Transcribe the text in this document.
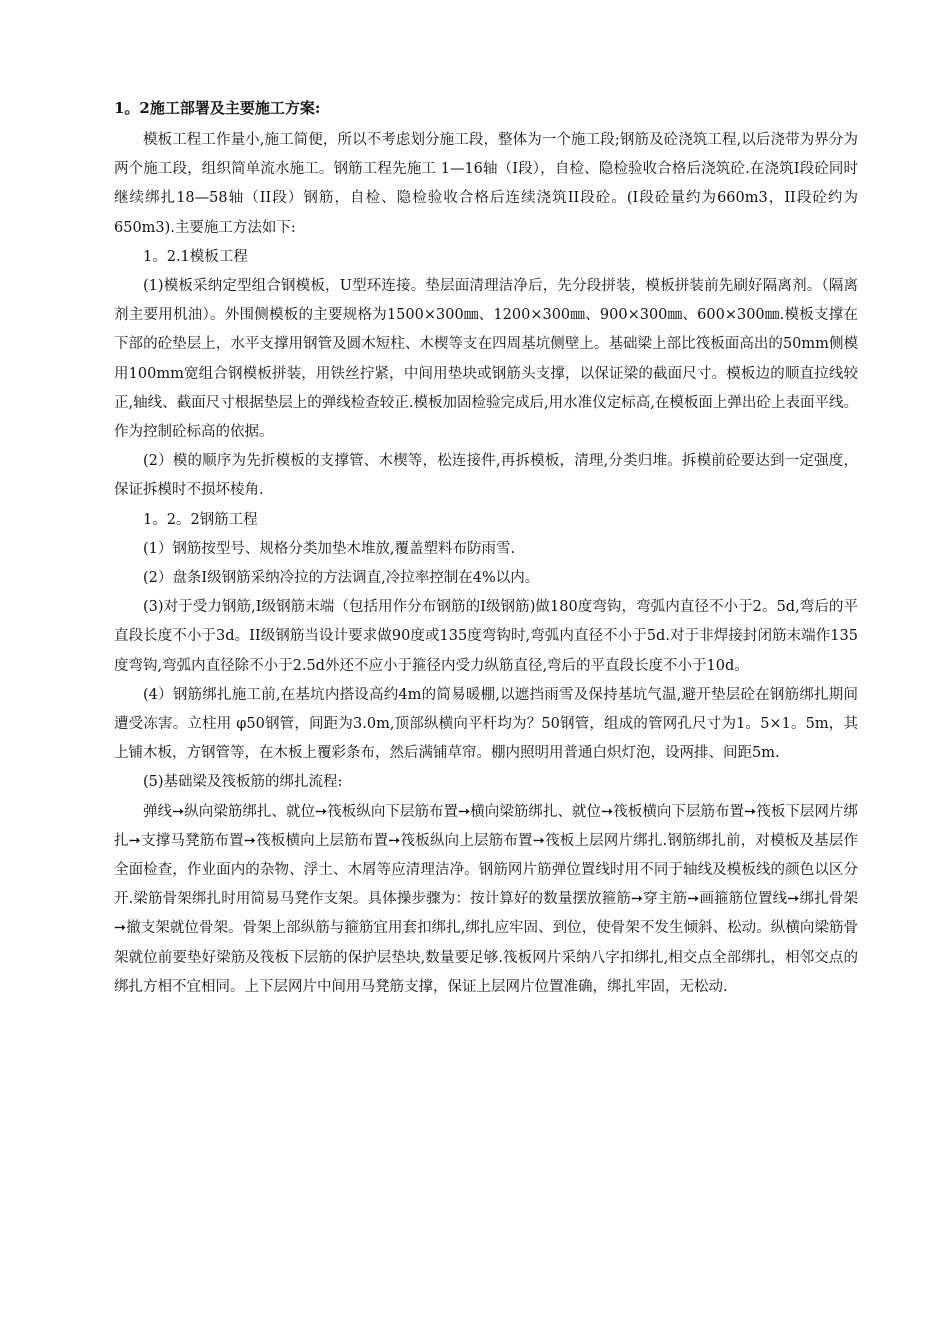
1。2施工部署及主要施工方案:

模板工程工作量小,施工简便，所以不考虑划分施工段，整体为一个施工段;钢筋及砼浇筑工程,以后浇带为界分为两个施工段，组织简单流水施工。钢筋工程先施工 1—16轴（I段），自检、隐检验收合格后浇筑砼.在浇筑I段砼同时继续绑扎18—58轴（II段）钢筋，自检、隐检验收合格后连续浇筑II段砼。(I段砼量约为660m3，II段砼约为650m3).主要施工方法如下:

1。2.1模板工程

(1)模板采纳定型组合钢模板，U型环连接。垫层面清理洁净后，先分段拼装，模板拼装前先刷好隔离剂。（隔离剂主要用机油）。外围侧模板的主要规格为1500×300㎜、1200×300㎜、900×300㎜、600×300㎜.模板支撑在下部的砼垫层上，水平支撑用钢管及圆木短柱、木楔等支在四周基坑侧壁上。基础梁上部比筏板面高出的50mm侧模用100mm宽组合钢模板拼装，用铁丝拧紧，中间用垫块或钢筋头支撑，以保证梁的截面尺寸。模板边的顺直拉线较正,轴线、截面尺寸根据垫层上的弹线检查较正.模板加固检验完成后,用水准仪定标高,在模板面上弹出砼上表面平线。作为控制砼标高的依据。

(2）模的顺序为先折模板的支撑管、木楔等，松连接件,再拆模板，清理,分类归堆。拆模前砼要达到一定强度，保证拆模时不损坏棱角.

1。2。2钢筋工程

(1）钢筋按型号、规格分类加垫木堆放,覆盖塑料布防雨雪.

(2）盘条I级钢筋采纳冷拉的方法调直,冷拉率控制在4%以内。

(3)对于受力钢筋,I级钢筋末端（包括用作分布钢筋的I级钢筋)做180度弯钩，弯弧内直径不小于2。5d,弯后的平直段长度不小于3d。II级钢筋当设计要求做90度或135度弯钩时,弯弧内直径不小于5d.对于非焊接封闭筋末端作135度弯钩,弯弧内直径除不小于2.5d外还不应小于箍径内受力纵筋直径,弯后的平直段长度不小于10d。

(4）钢筋绑扎施工前,在基坑内搭设高约4m的简易暖棚,以遮挡雨雪及保持基坑气温,避开垫层砼在钢筋绑扎期间遭受冻害。立柱用 φ50钢管，间距为3.0m,顶部纵横向平杆均为？50钢管，组成的管网孔尺寸为1。5×1。5m，其上铺木板，方钢管等，在木板上覆彩条布，然后满铺草帘。棚内照明用普通白炽灯泡，设两排、间距5m.

(5)基础梁及筏板筋的绑扎流程:

弹线➙纵向梁筋绑扎、就位➙筏板纵向下层筋布置➙横向梁筋绑扎、就位➙筏板横向下层筋布置➙筏板下层网片绑扎➙支撑马凳筋布置➙筏板横向上层筋布置➙筏板纵向上层筋布置➙筏板上层网片绑扎.钢筋绑扎前，对模板及基层作全面检查，作业面内的杂物、浮土、木屑等应清理洁净。钢筋网片筋弹位置线时用不同于轴线及模板线的颜色以区分开.梁筋骨架绑扎时用简易马凳作支架。具体操步骤为：按计算好的数量摆放箍筋➙穿主筋➙画箍筋位置线➙绑扎骨架➙撤支架就位骨架。骨架上部纵筋与箍筋宜用套扣绑扎,绑扎应牢固、到位，使骨架不发生倾斜、松动。纵横向梁筋骨架就位前要垫好梁筋及筏板下层筋的保护层垫块,数量要足够.筏板网片采纳八字扣绑扎,相交点全部绑扎，相邻交点的绑扎方相不宜相同。上下层网片中间用马凳筋支撑，保证上层网片位置准确，绑扎牢固，无松动.
